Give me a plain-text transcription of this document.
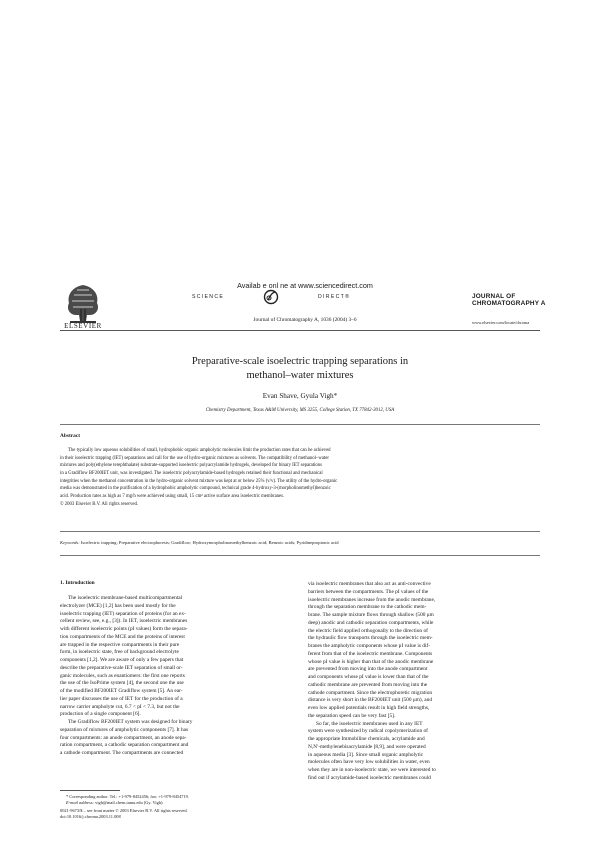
ELSEVIER
Availab e onl ne at www.sciencedirect.com
SCIENCE	DIRECT®
Journal of Chromatography A, 1036 (2004) 3–6
JOURNAL OF
CHROMATOGRAPHY A
www.elsevier.com/locate/chroma
Preparative-scale isoelectric trapping separations in
methanol–water mixtures
Evan Shave, Gyula Vigh*
Chemistry Department, Texas A&M University, MS 3255, College Station, TX 77842-3012, USA
Abstract
The typically low aqueous solubilities of small, hydrophobic organic ampholytic molecules limit the production rates that can be achieved
in their isoelectric trapping (IET) separations and call for the use of hydro-organic mixtures as solvents. The compatibility of methanol–water
mixtures and poly(ethylene terephthalate) substrate-supported isoelectric polyacrylamide hydrogels, developed for binary IET separations
in a Gradiflow BF200IET unit, was investigated. The isoelectric polyacrylamide-based hydrogels retained their functional and mechanical
integrities when the methanol concentration in the hydro-organic solvent mixture was kept at or below 25% (v/v). The utility of the hydro-organic
media was demonstrated in the purification of a hydrophobic ampholytic compound, technical grade 4-hydroxy-3-(morpholinomethyl)benzoic
acid. Production rates as high as 7 mg/h were achieved using small, 15 cm² active surface area isoelectric membranes.
© 2003 Elsevier B.V. All rights reserved.
Keywords: Isoelectric trapping; Preparative electrophoresis; Gradiflow; Hydroxymorpholinomethylbenzoic acid; Benzoic acids; Pyridinepropionic acid
1. Introduction
The isoelectric membrane-based multicompartmental
electrolyzer (MCE) [1,2] has been used mostly for the
isoelectric trapping (IET) separation of proteins (for an ex-
cellent review, see, e.g., [3]). In IET, isoelectric membranes
with different isoelectric points (pI values) form the separa-
tion compartments of the MCE and the proteins of interest
are trapped in the respective compartments in their pure
form, in isoelectric state, free of background electrolyte
components [1,2]. We are aware of only a few papers that
describe the preparative-scale IET separation of small or-
ganic molecules, such as enantiomers: the first one reports
the use of the IsoPrime system [4], the second one the use
of the modified BF200IET Gradiflow system [5]. An ear-
lier paper discusses the use of IET for the production of a
narrow carrier ampholyte cut, 6.7 < pI < 7.3, but not the
production of a single component [6].
The Gradiflow BF200IET system was designed for binary
separation of mixtures of ampholytic components [7]. It has
four compartments: an anode compartment, an anode sepa-
ration compartment, a cathodic separation compartment and
a cathode compartment. The compartments are connected
via isoelectric membranes that also act as anti-convective
barriers between the compartments. The pI values of the
isoelectric membranes increase from the anodic membrane,
through the separation membrane to the cathodic mem-
brane. The sample mixture flows through shallow (500 μm
deep) anodic and cathodic separation compartments, while
the electric field applied orthogonally to the direction of
the hydraulic flow transports through the isoelectric mem-
branes the ampholytic components whose pI value is dif-
ferent from that of the isoelectric membrane. Components
whose pI value is higher than that of the anodic membrane
are prevented from moving into the anode compartment
and components whose pI value is lower than that of the
cathodic membrane are prevented from moving into the
cathode compartment. Since the electrophoretic migration
distance is very short in the BF200IET unit (500 μm), and
even low applied potentials result in high field strengths,
the separation speed can be very fast [5].
So far, the isoelectric membranes used in any IET
system were synthesized by radical copolymerization of
the appropriate Immobiline chemicals, acrylamide and
N,N′-methylenebisacrylamide [8,9], and were operated
in aqueous media [3]. Since small organic ampholytic
molecules often have very low solubilities in water, even
when they are in non-isoelectric state, we were interested to
find out if acrylamide-based isoelectric membranes could
* Corresponding author. Tel.: +1-979-8452456; fax: +1-979-8454719.
E-mail address: vigh@mail.chem.tamu.edu (Gy. Vigh).
0021-9673/$ – see front matter © 2003 Elsevier B.V. All rights reserved.
doi:10.1016/j.chroma.2003.11.008
